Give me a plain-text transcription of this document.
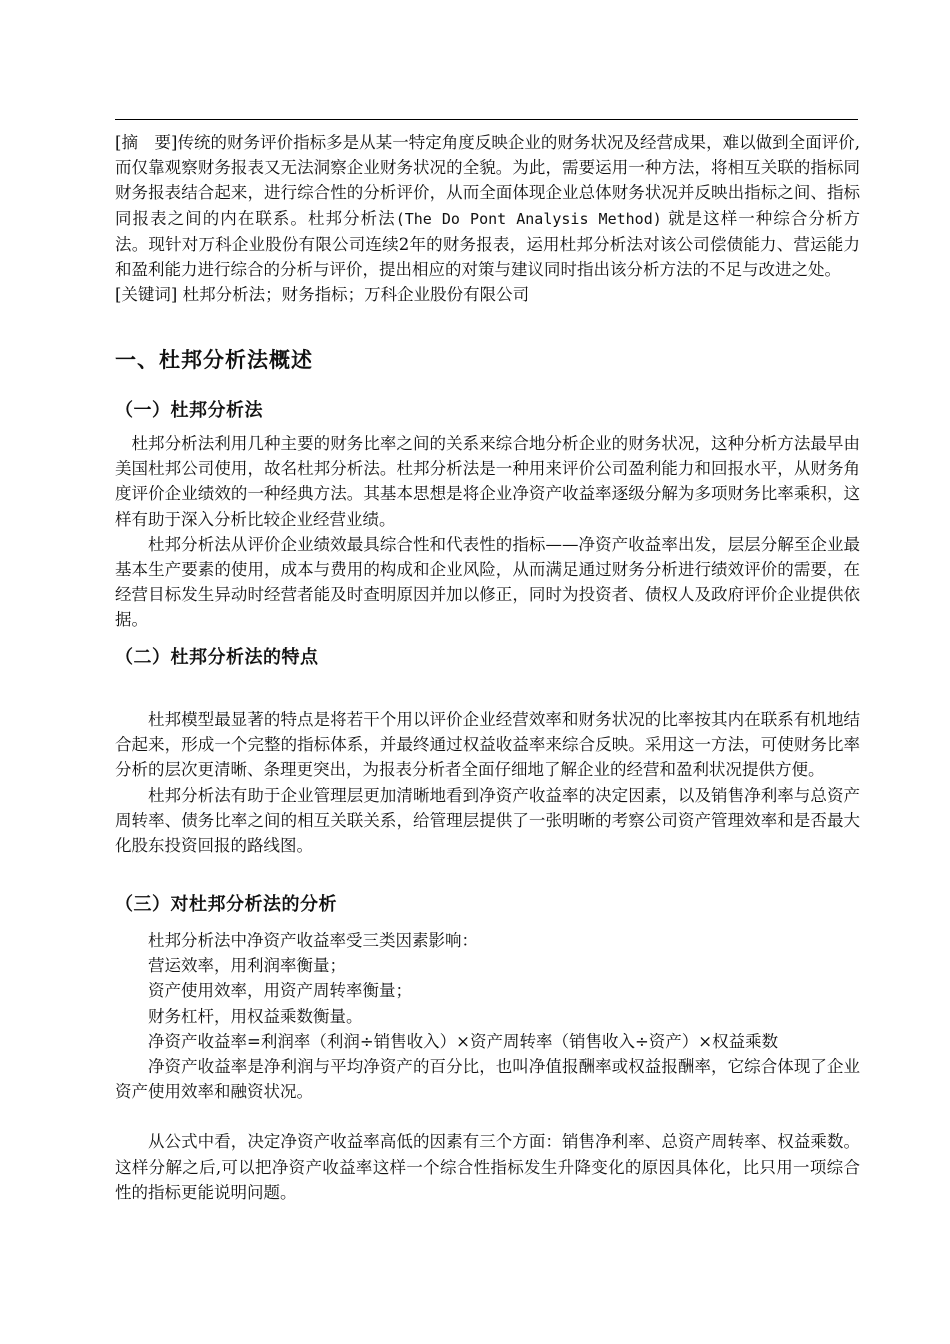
[摘　要]传统的财务评价指标多是从某一特定角度反映企业的财务状况及经营成果，难以做到全面评价,而仅靠观察财务报表又无法洞察企业财务状况的全貌。为此，需要运用一种方法，将相互关联的指标同财务报表结合起来，进行综合性的分析评价，从而全面体现企业总体财务状况并反映出指标之间、指标同报表之间的内在联系。杜邦分析法(The Do Pont Analysis Method) 就是这样一种综合分析方法。现针对万科企业股份有限公司连续2年的财务报表，运用杜邦分析法对该公司偿债能力、营运能力和盈利能力进行综合的分析与评价，提出相应的对策与建议同时指出该分析方法的不足与改进之处。

[关键词] 杜邦分析法；财务指标；万科企业股份有限公司

一、杜邦分析法概述
（一）杜邦分析法

杜邦分析法利用几种主要的财务比率之间的关系来综合地分析企业的财务状况，这种分析方法最早由美国杜邦公司使用，故名杜邦分析法。杜邦分析法是一种用来评价公司盈利能力和回报水平，从财务角度评价企业绩效的一种经典方法。其基本思想是将企业净资产收益率逐级分解为多项财务比率乘积，这样有助于深入分析比较企业经营业绩。

杜邦分析法从评价企业绩效最具综合性和代表性的指标——净资产收益率出发，层层分解至企业最基本生产要素的使用，成本与费用的构成和企业风险，从而满足通过财务分析进行绩效评价的需要，在经营目标发生异动时经营者能及时查明原因并加以修正，同时为投资者、债权人及政府评价企业提供依据。

（二）杜邦分析法的特点

杜邦模型最显著的特点是将若干个用以评价企业经营效率和财务状况的比率按其内在联系有机地结合起来，形成一个完整的指标体系，并最终通过权益收益率来综合反映。采用这一方法，可使财务比率分析的层次更清晰、条理更突出，为报表分析者全面仔细地了解企业的经营和盈利状况提供方便。

杜邦分析法有助于企业管理层更加清晰地看到净资产收益率的决定因素，以及销售净利率与总资产周转率、债务比率之间的相互关联关系，给管理层提供了一张明晰的考察公司资产管理效率和是否最大化股东投资回报的路线图。

（三）对杜邦分析法的分析

杜邦分析法中净资产收益率受三类因素影响：

营运效率，用利润率衡量；

资产使用效率，用资产周转率衡量；

财务杠杆，用权益乘数衡量。

净资产收益率=利润率（利润÷销售收入）×资产周转率（销售收入÷资产）×权益乘数

净资产收益率是净利润与平均净资产的百分比，也叫净值报酬率或权益报酬率，它综合体现了企业资产使用效率和融资状况。

从公式中看，决定净资产收益率高低的因素有三个方面：销售净利率、总资产周转率、权益乘数。这样分解之后,可以把净资产收益率这样一个综合性指标发生升降变化的原因具体化，比只用一项综合性的指标更能说明问题。
